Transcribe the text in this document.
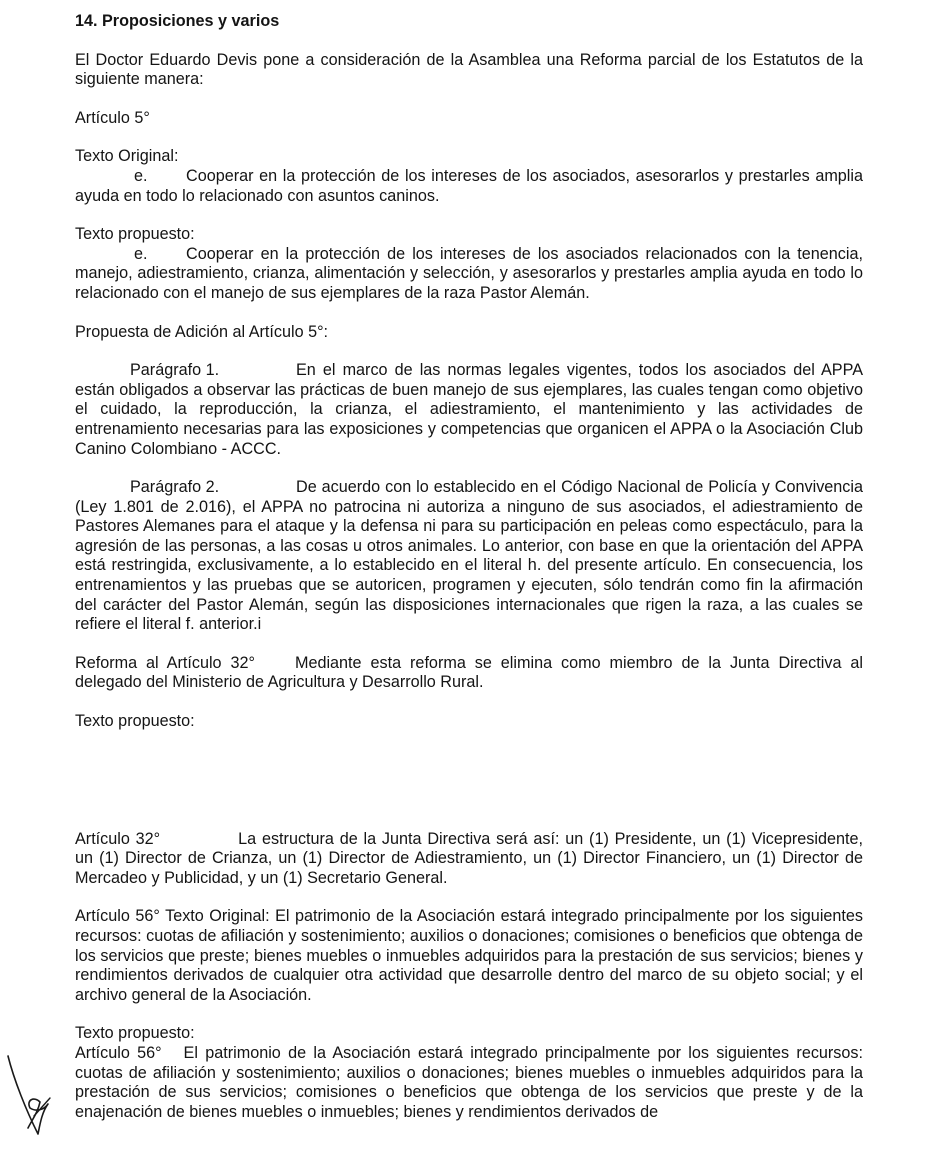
14. Proposiciones y varios

El Doctor Eduardo Devis pone a consideración de la Asamblea una Reforma parcial de los Estatutos de la siguiente manera:

Artículo 5°

Texto Original:

e. Cooperar en la protección de los intereses de los asociados, asesorarlos y prestarles amplia ayuda en todo lo relacionado con asuntos caninos.

Texto propuesto:

e. Cooperar en la protección de los intereses de los asociados relacionados con la tenencia, manejo, adiestramiento, crianza, alimentación y selección, y asesorarlos y prestarles amplia ayuda en todo lo relacionado con el manejo de sus ejemplares de la raza Pastor Alemán.

Propuesta de Adición al Artículo 5°:

Parágrafo 1.	En el marco de las normas legales vigentes, todos los asociados del APPA están obligados a observar las prácticas de buen manejo de sus ejemplares, las cuales tengan como objetivo el cuidado, la reproducción, la crianza, el adiestramiento, el mantenimiento y las actividades de entrenamiento necesarias para las exposiciones y competencias que organicen el APPA o la Asociación Club Canino Colombiano - ACCC.

Parágrafo 2.	De acuerdo con lo establecido en el Código Nacional de Policía y Convivencia (Ley 1.801 de 2.016), el APPA no patrocina ni autoriza a ninguno de sus asociados, el adiestramiento de Pastores Alemanes para el ataque y la defensa ni para su participación en peleas como espectáculo, para la agresión de las personas, a las cosas u otros animales. Lo anterior, con base en que la orientación del APPA está restringida, exclusivamente, a lo establecido en el literal h. del presente artículo. En consecuencia, los entrenamientos y las pruebas que se autoricen, programen y ejecuten, sólo tendrán como fin la afirmación del carácter del Pastor Alemán, según las disposiciones internacionales que rigen la raza, a las cuales se refiere el literal f. anterior.i

Reforma al Artículo 32° Mediante esta reforma se elimina como miembro de la Junta Directiva al delegado del Ministerio de Agricultura y Desarrollo Rural.

Texto propuesto:

Artículo 32°	La estructura de la Junta Directiva será así: un (1) Presidente, un (1) Vicepresidente, un (1) Director de Crianza, un (1) Director de Adiestramiento, un (1) Director Financiero, un (1) Director de Mercadeo y Publicidad, y un (1) Secretario General.

Artículo 56° Texto Original: El patrimonio de la Asociación estará integrado principalmente por los siguientes recursos: cuotas de afiliación y sostenimiento; auxilios o donaciones; comisiones o beneficios que obtenga de los servicios que preste; bienes muebles o inmuebles adquiridos para la prestación de sus servicios; bienes y rendimientos derivados de cualquier otra actividad que desarrolle dentro del marco de su objeto social; y el archivo general de la Asociación.

Texto propuesto:

Artículo 56° El patrimonio de la Asociación estará integrado principalmente por los siguientes recursos: cuotas de afiliación y sostenimiento; auxilios o donaciones; bienes muebles o inmuebles adquiridos para la prestación de sus servicios; comisiones o beneficios que obtenga de los servicios que preste y de la enajenación de bienes muebles o inmuebles; bienes y rendimientos derivados de
